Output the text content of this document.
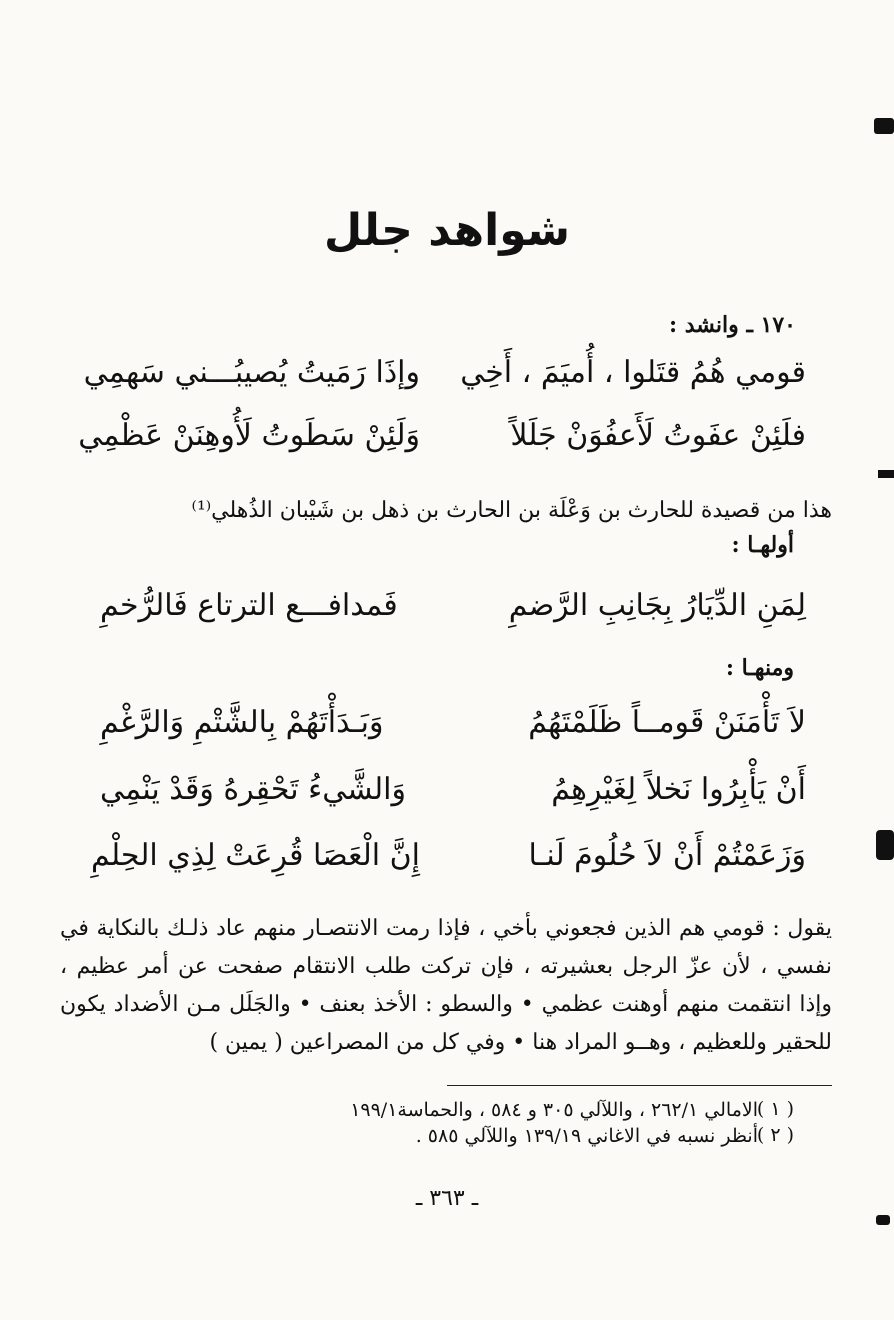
شواهد جلل
١٧٠ ـ وانشد :
قومي هُمُ قتَلوا ، أُميَمَ ، أَخِي
وإذَا رَمَيتُ يُصيبُـــني سَهمِي
فلَئِنْ عفَوتُ لَأَعفُوَنْ جَلَلاً
وَلَئِنْ سَطَوتُ لَأُوهِنَنْ عَظْمِي
هذا من قصيدة للحارث بن وَعْلَة بن الحارث بن ذهل بن شَيْبان الذُهلي⁽¹⁾
أولهـا :
لِمَنِ الدِّيَارُ بِجَانِبِ الرَّضمِ
فَمدافـــع الترتاع فَالرُّخمِ
ومنهـا :
لاَ تَأْمَنَنْ قَومــاً ظَلَمْتَهُمُ
وَبَـدَأْتَهُمْ بِالشَّتْمِ وَالرَّغْمِ
أَنْ يَأْبِرُوا نَخلاً لِغَيْرِهِمُ
وَالشَّيءُ تَحْقِرهُ وَقَدْ يَنْمِي
وَزَعَمْتُمْ أَنْ لاَ حُلُومَ لَنـا
إِنَّ الْعَصَا قُرِعَتْ لِذِي الحِلْمِ
يقول : قومي هم الذين فجعوني بأخي ، فإذا رمت الانتصـار منهم عاد ذلـك بالنكاية في نفسي ، لأن عزّ الرجل بعشيرته ، فإن تركت طلب الانتقام صفحت عن أمر عظيم ، وإذا انتقمت منهم أوهنت عظمي • والسطو : الأخذ بعنف • والجَلَل مـن الأضداد يكون للحقير وللعظيم ، وهــو المراد هنا • وفي كل من المصراعين ( يمين )
( ١ )
الامالي ٢٦٢/١ ، واللآلي ٣٠٥ و ٥٨٤ ، والحماسة١٩٩/١
( ٢ )
أنظر نسبه في الاغاني ١٣٩/١٩ واللآلي ٥٨٥ .
ـ ٣٦٣ ـ
